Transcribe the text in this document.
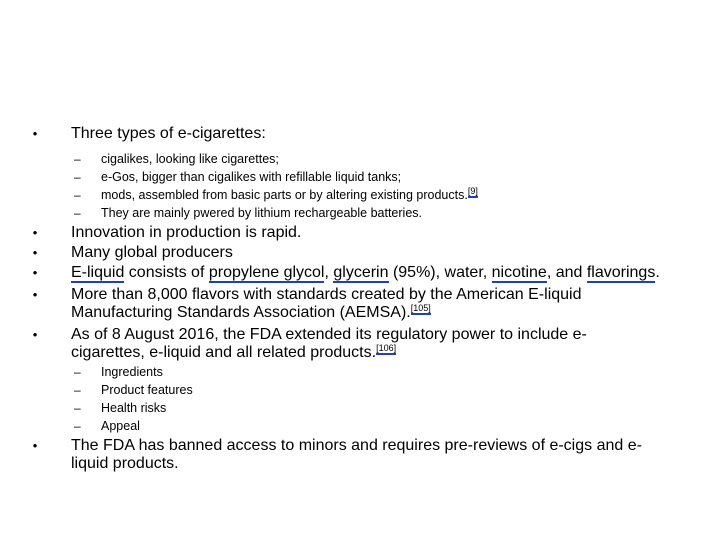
• Three types of e-cigarettes:
– cigalikes, looking like cigarettes;
– e-Gos, bigger than cigalikes with refillable liquid tanks;
– mods, assembled from basic parts or by altering existing products.[9]
– They are mainly pwered by lithium rechargeable batteries.
• Innovation in production is rapid.
• Many global producers
• E-liquid consists of propylene glycol, glycerin (95%), water, nicotine, and flavorings.
• More than 8,000 flavors with standards created by the American E-liquid
Manufacturing Standards Association (AEMSA).[105]
• As of 8 August 2016, the FDA extended its regulatory power to include e-
cigarettes, e-liquid and all related products.[106]
– Ingredients
– Product features
– Health risks
– Appeal
• The FDA has banned access to minors and requires pre-reviews of e-cigs and e-
liquid products.
